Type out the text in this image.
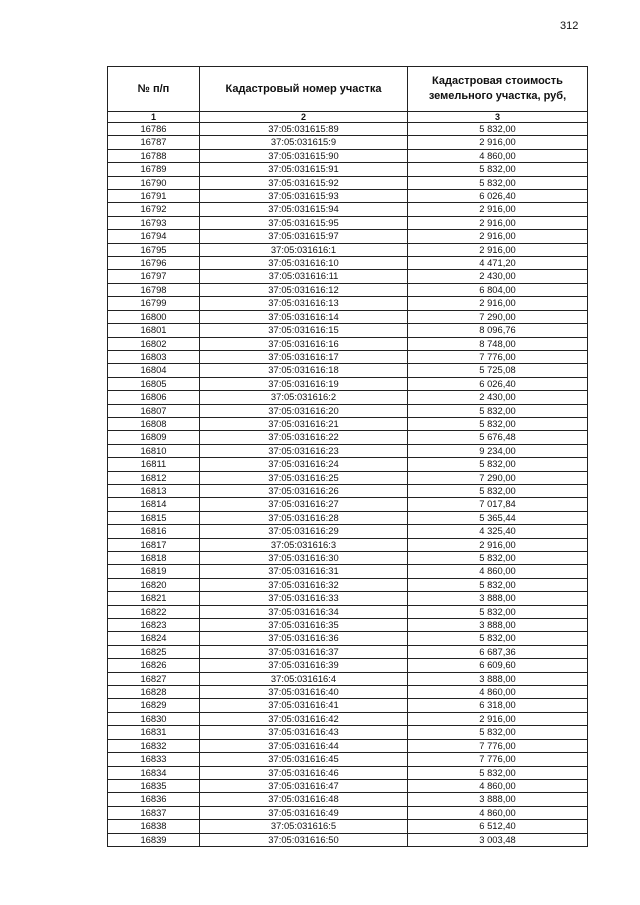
312
№ п/п	Кадастровый номер участка	Кадастровая стоимость земельного участка, руб,
1	2	3
16786	37:05:031615:89	5 832,00
16787	37:05:031615:9	2 916,00
16788	37:05:031615:90	4 860,00
16789	37:05:031615:91	5 832,00
16790	37:05:031615:92	5 832,00
16791	37:05:031615:93	6 026,40
16792	37:05:031615:94	2 916,00
16793	37:05:031615:95	2 916,00
16794	37:05:031615:97	2 916,00
16795	37:05:031616:1	2 916,00
16796	37:05:031616:10	4 471,20
16797	37:05:031616:11	2 430,00
16798	37:05:031616:12	6 804,00
16799	37:05:031616:13	2 916,00
16800	37:05:031616:14	7 290,00
16801	37:05:031616:15	8 096,76
16802	37:05:031616:16	8 748,00
16803	37:05:031616:17	7 776,00
16804	37:05:031616:18	5 725,08
16805	37:05:031616:19	6 026,40
16806	37:05:031616:2	2 430,00
16807	37:05:031616:20	5 832,00
16808	37:05:031616:21	5 832,00
16809	37:05:031616:22	5 676,48
16810	37:05:031616:23	9 234,00
16811	37:05:031616:24	5 832,00
16812	37:05:031616:25	7 290,00
16813	37:05:031616:26	5 832,00
16814	37:05:031616:27	7 017,84
16815	37:05:031616:28	5 365,44
16816	37:05:031616:29	4 325,40
16817	37:05:031616:3	2 916,00
16818	37:05:031616:30	5 832,00
16819	37:05:031616:31	4 860,00
16820	37:05:031616:32	5 832,00
16821	37:05:031616:33	3 888,00
16822	37:05:031616:34	5 832,00
16823	37:05:031616:35	3 888,00
16824	37:05:031616:36	5 832,00
16825	37:05:031616:37	6 687,36
16826	37:05:031616:39	6 609,60
16827	37:05:031616:4	3 888,00
16828	37:05:031616:40	4 860,00
16829	37:05:031616:41	6 318,00
16830	37:05:031616:42	2 916,00
16831	37:05:031616:43	5 832,00
16832	37:05:031616:44	7 776,00
16833	37:05:031616:45	7 776,00
16834	37:05:031616:46	5 832,00
16835	37:05:031616:47	4 860,00
16836	37:05:031616:48	3 888,00
16837	37:05:031616:49	4 860,00
16838	37:05:031616:5	6 512,40
16839	37:05:031616:50	3 003,48
